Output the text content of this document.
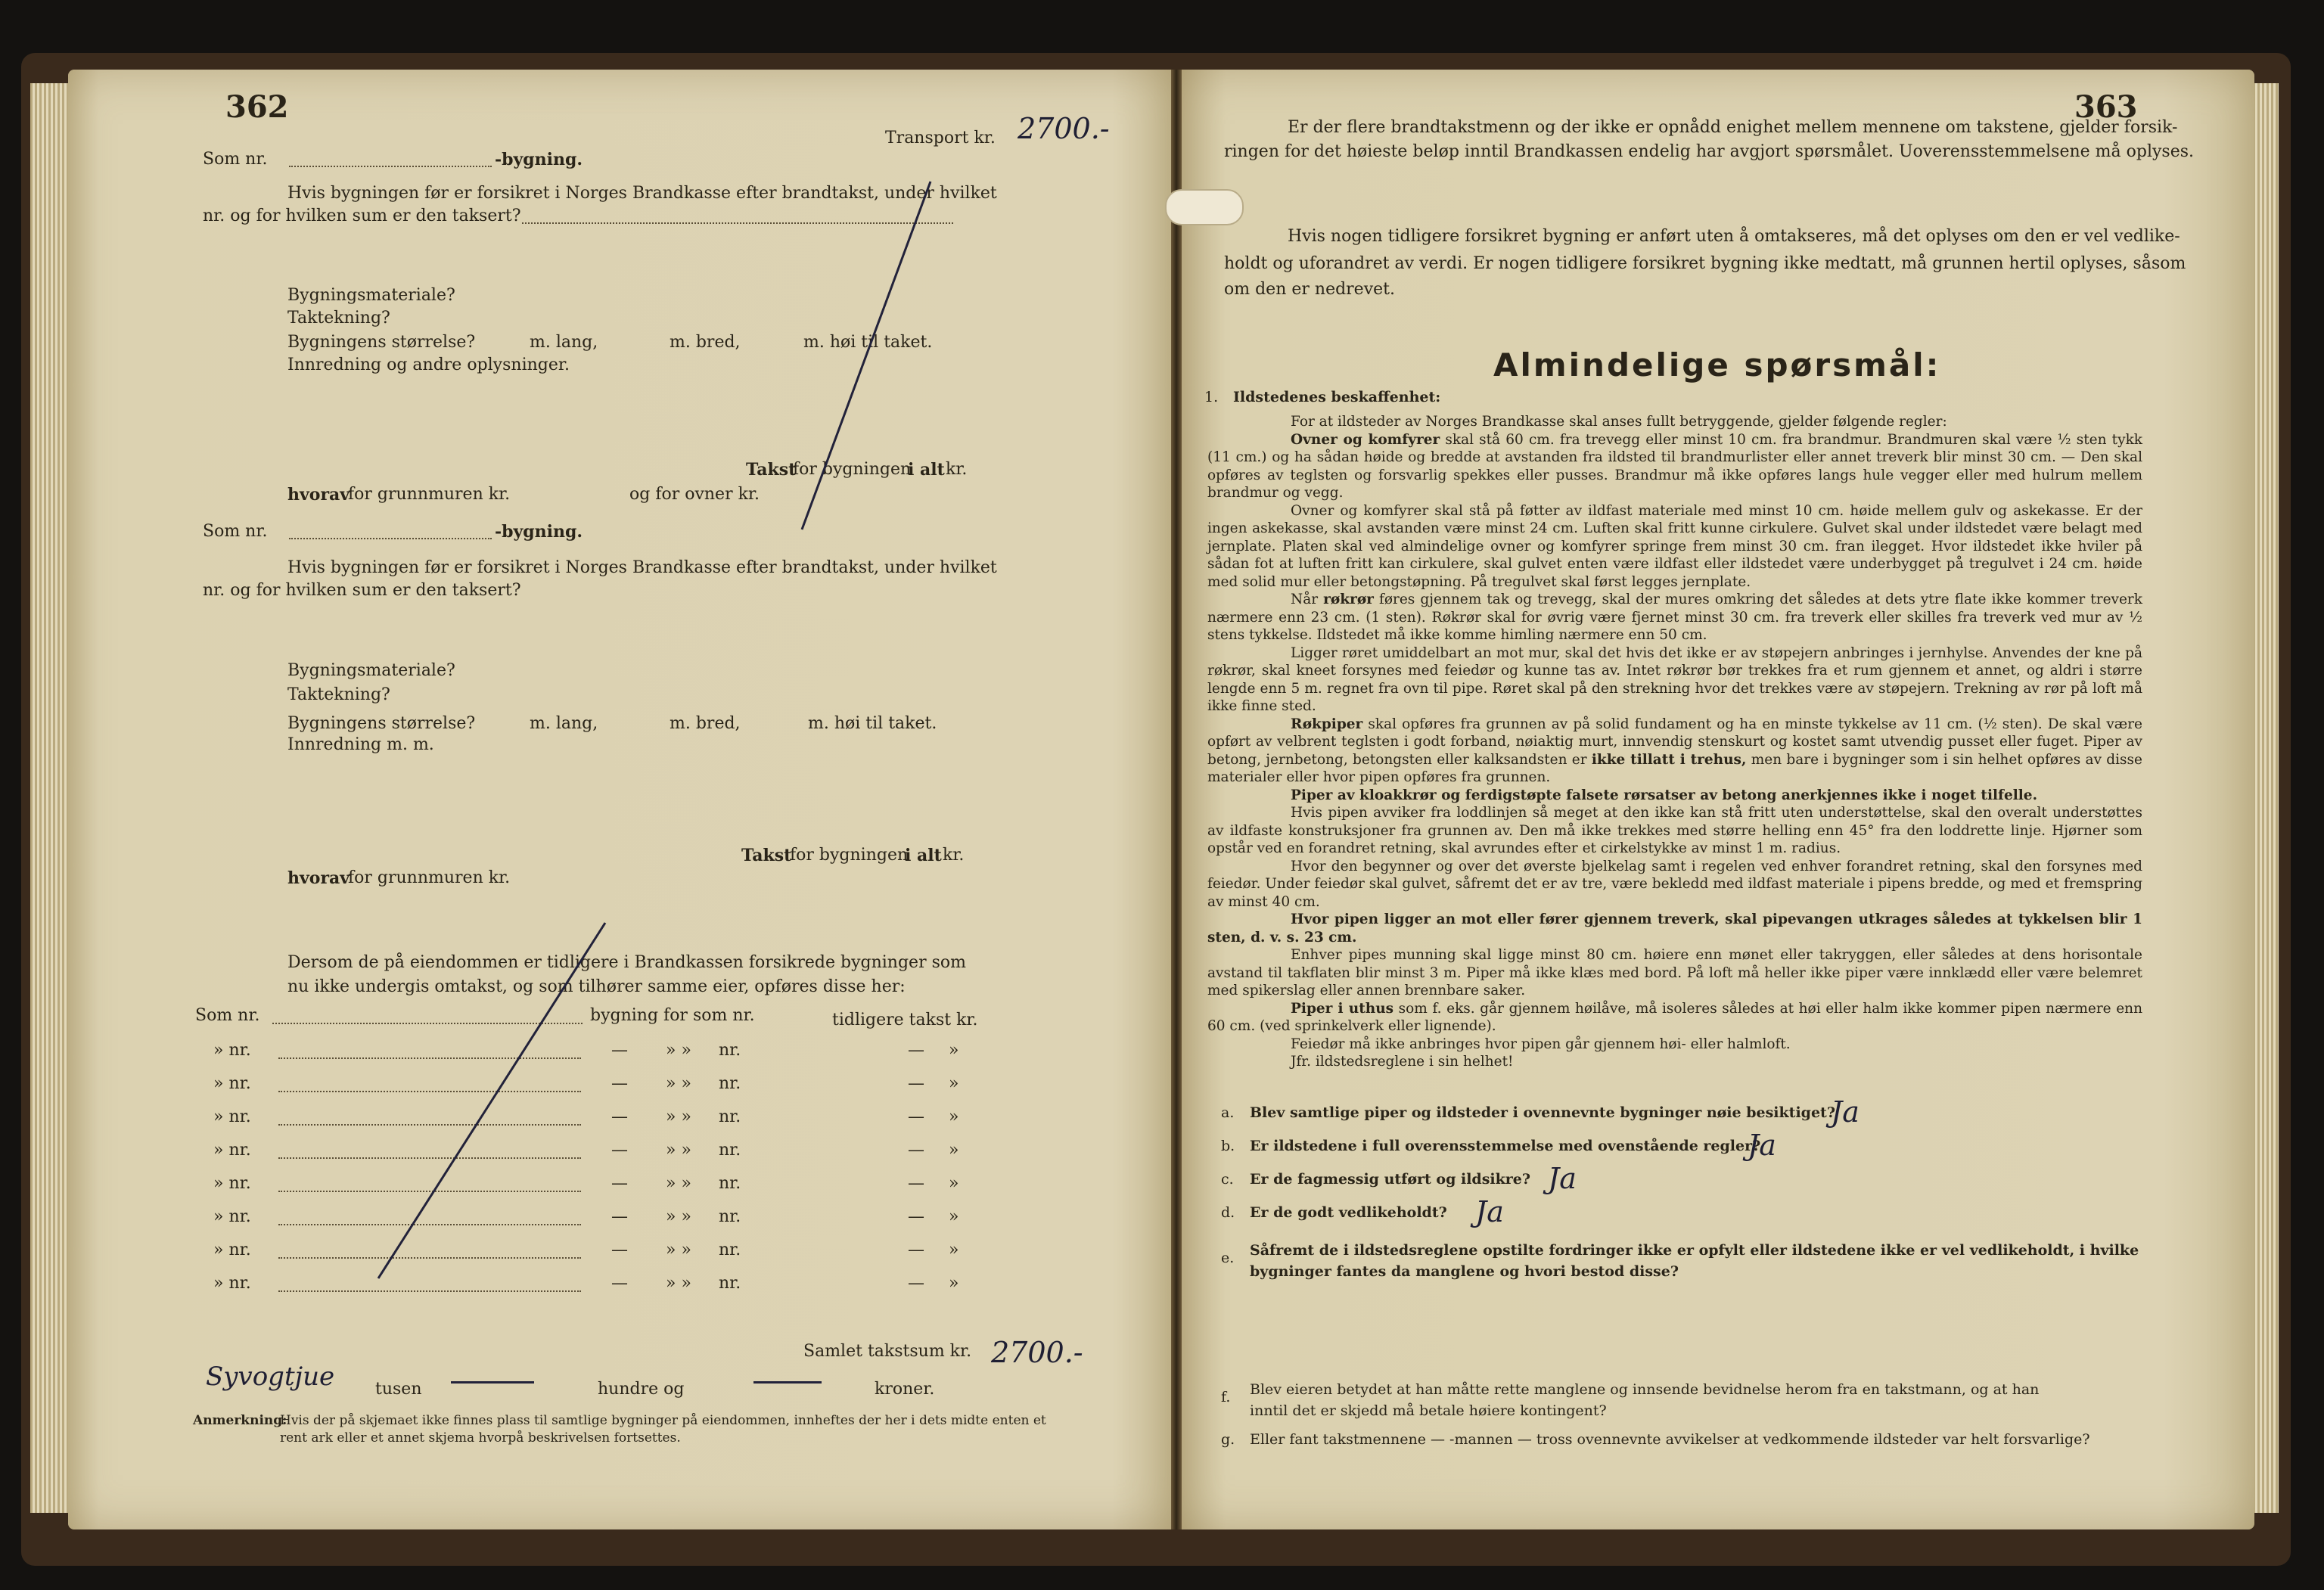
362
Transport kr. 2700.-
Som nr.	-bygning.
Hvis bygningen før er forsikret i Norges Brandkasse efter brandtakst, under hvilket
nr. og for hvilken sum er den taksert?
Bygningsmateriale?
Taktekning?
Bygningens størrelse?	m. lang,	m. bred,	m. høi til taket.
Innredning og andre oplysninger.
Takst
for bygningen
i alt kr.
hvorav
for grunnmuren kr.	og for ovner kr.
Som nr.	-bygning.
Hvis bygningen før er forsikret i Norges Brandkasse efter brandtakst, under hvilket
nr. og for hvilken sum er den taksert?
Bygningsmateriale?
Taktekning?
Bygningens størrelse?	m. lang,	m. bred,	m. høi til taket.
Innredning m. m.
Takst
for bygningen
i alt kr.
hvorav
for grunnmuren kr.
Dersom de på eiendommen er tidligere i Brandkassen forsikrede bygninger som
nu ikke undergis omtakst, og som tilhører samme eier, opføres disse her:
Som nr.	bygning for som nr.	tidligere takst kr.
» nr.	— » » nr.	— »
» nr.	— » » nr.	— »
» nr.	— » » nr.	— »
» nr.	— » » nr.	— »
» nr.	— » » nr.	— »
» nr.	— » » nr.	— »
» nr.	— » » nr.	— »
» nr.	— » » nr.	— »
Samlet takstsum kr. 2700.-
Syvogtjue tusen	hundre og	kroner.
Anmerkning:
Hvis der på skjemaet ikke finnes plass til samtlige bygninger på eiendommen, innheftes der her i dets midte enten et
rent ark eller et annet skjema hvorpå beskrivelsen fortsettes.
363
Er der flere brandtakstmenn og der ikke er opnådd enighet mellem mennene om takstene, gjelder forsik-
ringen for det høieste beløp inntil Brandkassen endelig har avgjort spørsmålet. Uoverensstemmelsene må oplyses.
Hvis nogen tidligere forsikret bygning er anført uten å omtakseres, må det oplyses om den er vel vedlike-
holdt og uforandret av verdi. Er nogen tidligere forsikret bygning ikke medtatt, må grunnen hertil oplyses, såsom
om den er nedrevet.
Almindelige spørsmål:
1. Ildstedenes beskaffenhet:

For at ildsteder av Norges Brandkasse skal anses fullt betryggende, gjelder følgende regler:

Ovner og komfyrer skal stå 60 cm. fra trevegg eller minst 10 cm. fra brandmur. Brandmuren skal være ½ sten tykk (11 cm.) og ha sådan høide og bredde at avstanden fra ildsted til brandmurlister eller annet treverk blir minst 30 cm. — Den skal opføres av teglsten og forsvarlig spekkes eller pusses. Brandmur må ikke opføres langs hule vegger eller med hulrum mellem brandmur og vegg.

Ovner og komfyrer skal stå på føtter av ildfast materiale med minst 10 cm. høide mellem gulv og askekasse. Er der ingen askekasse, skal avstanden være minst 24 cm. Luften skal fritt kunne cirkulere. Gulvet skal under ildstedet være belagt med jernplate. Platen skal ved almindelige ovner og komfyrer springe frem minst 30 cm. fran ilegget. Hvor ildstedet ikke hviler på sådan fot at luften fritt kan cirkulere, skal gulvet enten være ildfast eller ildstedet være underbygget på tregulvet i 24 cm. høide med solid mur eller betongstøpning. På tregulvet skal først legges jernplate.

Når røkrør føres gjennem tak og trevegg, skal der mures omkring det således at dets ytre flate ikke kommer treverk nærmere enn 23 cm. (1 sten). Røkrør skal for øvrig være fjernet minst 30 cm. fra treverk eller skilles fra treverk ved mur av ½ stens tykkelse. Ildstedet må ikke komme himling nærmere enn 50 cm.

Ligger røret umiddelbart an mot mur, skal det hvis det ikke er av støpejern anbringes i jernhylse. Anvendes der kne på røkrør, skal kneet forsynes med feiedør og kunne tas av. Intet røkrør bør trekkes fra et rum gjennem et annet, og aldri i større lengde enn 5 m. regnet fra ovn til pipe. Røret skal på den strekning hvor det trekkes være av støpejern. Trekning av rør på loft må ikke finne sted.

Røkpiper skal opføres fra grunnen av på solid fundament og ha en minste tykkelse av 11 cm. (½ sten). De skal være opført av velbrent teglsten i godt forband, nøiaktig murt, innvendig stenskurt og kostet samt utvendig pusset eller fuget. Piper av betong, jernbetong, betongsten eller kalksandsten er ikke tillatt i trehus, men bare i bygninger som i sin helhet opføres av disse materialer eller hvor pipen opføres fra grunnen.

Piper av kloakkrør og ferdigstøpte falsete rørsatser av betong anerkjennes ikke i noget tilfelle.

Hvis pipen avviker fra loddlinjen så meget at den ikke kan stå fritt uten understøttelse, skal den overalt understøttes av ildfaste konstruksjoner fra grunnen av. Den må ikke trekkes med større helling enn 45° fra den loddrette linje. Hjørner som opstår ved en forandret retning, skal avrundes efter et cirkelstykke av minst 1 m. radius.

Hvor den begynner og over det øverste bjelkelag samt i regelen ved enhver forandret retning, skal den forsynes med feiedør. Under feiedør skal gulvet, såfremt det er av tre, være bekledd med ildfast materiale i pipens bredde, og med et fremspring av minst 40 cm.

Hvor pipen ligger an mot eller fører gjennem treverk, skal pipevangen utkrages således at tykkelsen blir 1 sten, d. v. s. 23 cm.

Enhver pipes munning skal ligge minst 80 cm. høiere enn mønet eller takryggen, eller således at dens horisontale avstand til takflaten blir minst 3 m. Piper må ikke klæs med bord. På loft må heller ikke piper være innklædd eller være belemret med spikerslag eller annen brennbare saker.

Piper i uthus som f. eks. går gjennem høilåve, må isoleres således at høi eller halm ikke kommer pipen nærmere enn 60 cm. (ved sprinkelverk eller lignende).

Feiedør må ikke anbringes hvor pipen går gjennem høi- eller halmloft.

Jfr. ildstedsreglene i sin helhet!

a. Blev samtlige piper og ildsteder i ovennevnte bygninger nøie besiktiget?
Ja
b. Er ildstedene i full overensstemmelse med ovenstående regler?
Ja
c. Er de fagmessig utført og ildsikre? Ja
d. Er de godt vedlikeholdt? Ja
e. Såfremt de i ildstedsreglene opstilte fordringer ikke er opfylt eller ildstedene ikke er vel vedlikeholdt, i hvilke
bygninger fantes da manglene og hvori bestod disse?
f. Blev eieren betydet at han måtte rette manglene og innsende bevidnelse herom fra en takstmann, og at han
inntil det er skjedd må betale høiere kontingent?
g. Eller fant takstmennene — -mannen — tross ovennevnte avvikelser at vedkommende ildsteder var helt forsvarlige?
